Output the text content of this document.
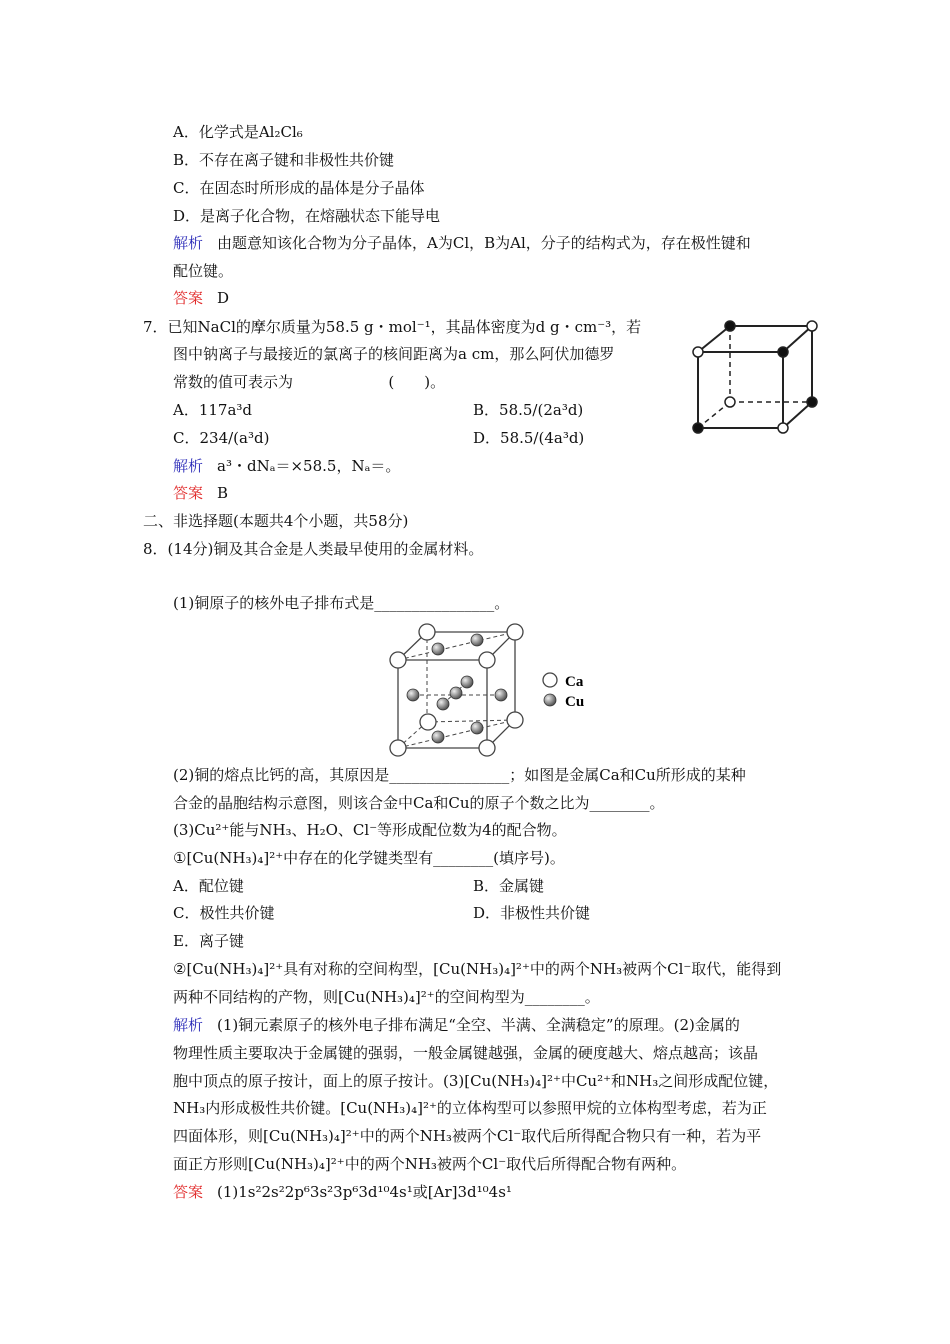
A．化学式是Al₂Cl₆
B．不存在离子键和非极性共价键
C．在固态时所形成的晶体是分子晶体
D．是离子化合物，在熔融状态下能导电
解析 由题意知该化合物为分子晶体，A为Cl，B为Al，分子的结构式为，存在极性键和
配位键。
答案 D
7．已知NaCl的摩尔质量为58.5 g・mol⁻¹，其晶体密度为d g・cm⁻³，若
图中钠离子与最接近的氯离子的核间距离为a cm，那么阿伏加德罗
常数的值可表示为                    (　　)。
A．117a³d	B．58.5/(2a³d)
C．234/(a³d)	D．58.5/(4a³d)
解析 a³・dNₐ＝×58.5，Nₐ＝。
答案 B
二、非选择题(本题共4个小题，共58分)
8．(14分)铜及其合金是人类最早使用的金属材料。
(1)铜原子的核外电子排布式是________________。
Ca
Cu
(2)铜的熔点比钙的高，其原因是________________；如图是金属Ca和Cu所形成的某种
合金的晶胞结构示意图，则该合金中Ca和Cu的原子个数之比为________。
(3)Cu²⁺能与NH₃、H₂O、Cl⁻等形成配位数为4的配合物。
①[Cu(NH₃)₄]²⁺中存在的化学键类型有________(填序号)。
A．配位键	B．金属键
C．极性共价键	D．非极性共价键
E．离子键
②[Cu(NH₃)₄]²⁺具有对称的空间构型，[Cu(NH₃)₄]²⁺中的两个NH₃被两个Cl⁻取代，能得到
两种不同结构的产物，则[Cu(NH₃)₄]²⁺的空间构型为________。
解析 (1)铜元素原子的核外电子排布满足“全空、半满、全满稳定”的原理。(2)金属的
物理性质主要取决于金属键的强弱，一般金属键越强，金属的硬度越大、熔点越高；该晶
胞中顶点的原子按计，面上的原子按计。(3)[Cu(NH₃)₄]²⁺中Cu²⁺和NH₃之间形成配位键，
NH₃内形成极性共价键。[Cu(NH₃)₄]²⁺的立体构型可以参照甲烷的立体构型考虑，若为正
四面体形，则[Cu(NH₃)₄]²⁺中的两个NH₃被两个Cl⁻取代后所得配合物只有一种，若为平
面正方形则[Cu(NH₃)₄]²⁺中的两个NH₃被两个Cl⁻取代后所得配合物有两种。
答案 (1)1s²2s²2p⁶3s²3p⁶3d¹⁰4s¹或[Ar]3d¹⁰4s¹
